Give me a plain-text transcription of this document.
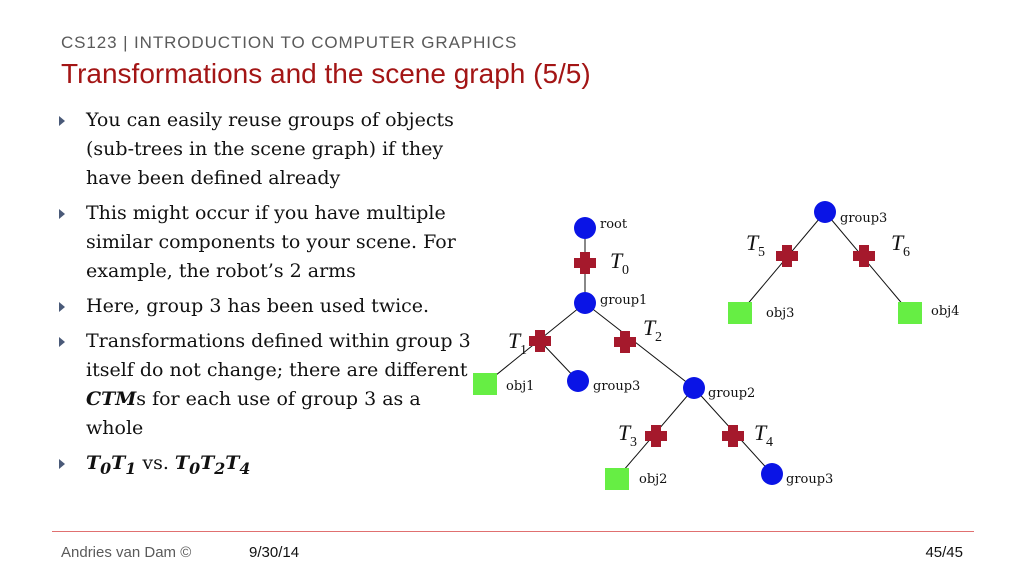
CS123 | INTRODUCTION TO COMPUTER GRAPHICS
Transformations and the scene graph (5/5)
You can easily reuse groups of objects (sub-trees in the scene graph) if they have been defined already
This might occur if you have multiple similar components to your scene. For example, the robot’s 2 arms
Here, group 3 has been used twice.
Transformations defined within group 3 itself do not change; there are different CTMs for each use of group 3 as a whole
$T_0T_1$ vs. $T_0T_2T_4$
root
group1
obj1	group3	group2
obj2	group3
group3
obj3	obj4
T 0
T 1
T 2
T 3	T 4
T 5	T 6
Andries van Dam ©	9/30/14	45/45
